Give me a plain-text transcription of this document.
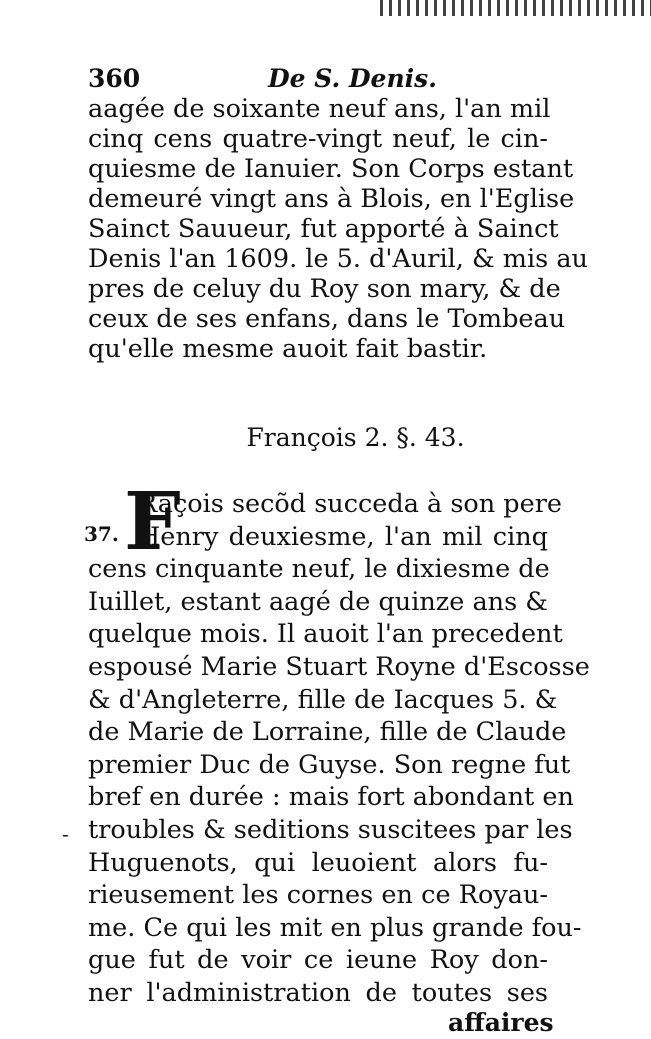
360	De S. Denis.
aagée de soixante neuf ans, l'an mil
cinq cens quatre-vingt neuf, le cin-
quiesme de Ianuier. Son Corps estant
demeuré vingt ans à Blois, en l'Eglise
Sainct Sauueur, fut apporté à Sainct
Denis l'an 1609. le 5. d'Auril, & mis au
pres de celuy du Roy son mary, & de
ceux de ses enfans, dans le Tombeau
qu'elle mesme auoit fait bastir.
François 2. §. 43.
F
37.
-
Rãçois secõd succeda à son pere
Henry deuxiesme, l'an mil cinq
cens cinquante neuf, le dixiesme de
Iuillet, estant aagé de quinze ans &
quelque mois. Il auoit l'an precedent
espousé Marie Stuart Royne d'Escosse
& d'Angleterre, fille de Iacques 5. &
de Marie de Lorraine, fille de Claude
premier Duc de Guyse. Son regne fut
bref en durée : mais fort abondant en
troubles & seditions suscitees par les
Huguenots, qui leuoient alors fu-
rieusement les cornes en ce Royau-
me. Ce qui les mit en plus grande fou-
gue fut de voir ce ieune Roy don-
ner l'administration de toutes ses
affaires
